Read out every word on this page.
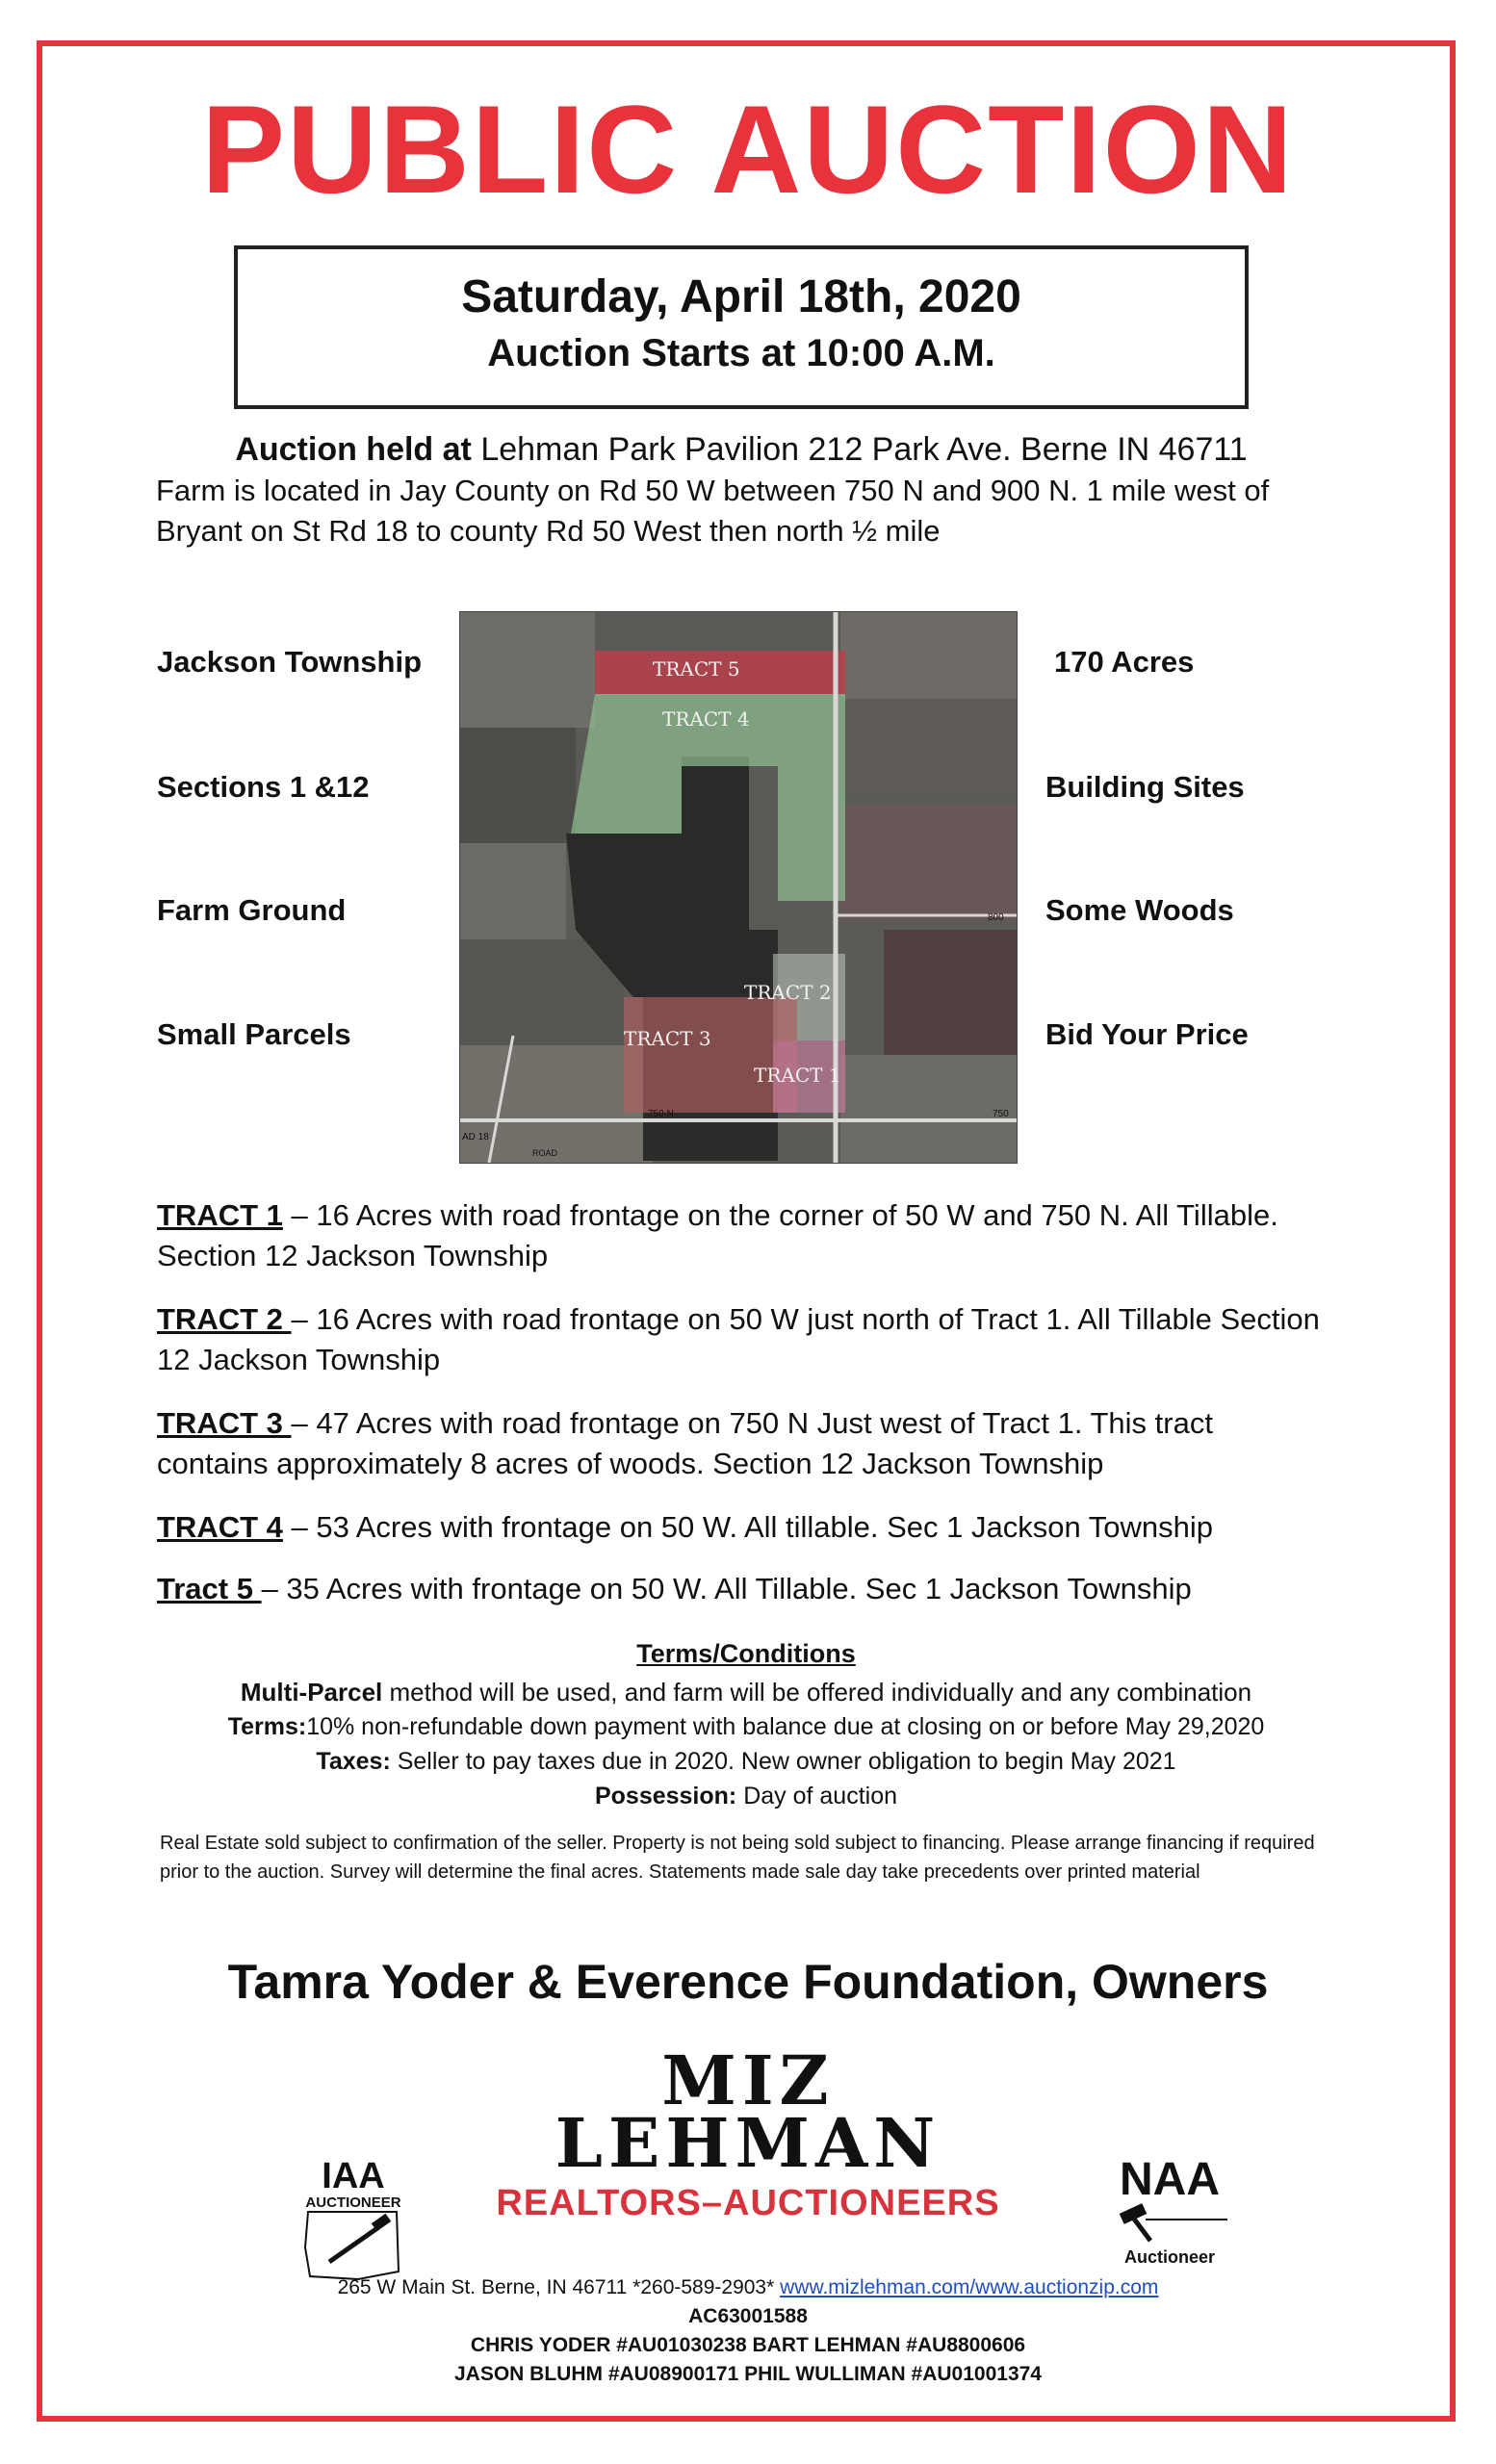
PUBLIC AUCTION
Saturday, April 18th, 2020
Auction Starts at 10:00 A.M.
Auction held at Lehman Park Pavilion 212 Park Ave. Berne IN 46711
Farm is located in Jay County on Rd 50 W between 750 N and 900 N. 1 mile west of Bryant on St Rd 18 to county Rd 50 West then north ½ mile
Jackson Township
Sections 1 &12
Farm Ground
Small Parcels
170 Acres
Building Sites
Some Woods
Bid Your Price
TRACT 5
TRACT 4
TRACT 2
TRACT 3
TRACT 1
800
750
750 N
AD 18
ROAD
TRACT 1 – 16 Acres with road frontage on the corner of 50 W and 750 N. All Tillable. Section 12 Jackson Township
TRACT 2 – 16 Acres with road frontage on 50 W just north of Tract 1. All Tillable Section 12 Jackson Township
TRACT 3 – 47 Acres with road frontage on 750 N Just west of Tract 1. This tract contains approximately 8 acres of woods. Section 12 Jackson Township
TRACT 4 – 53 Acres with frontage on 50 W. All tillable. Sec 1 Jackson Township
Tract 5 – 35 Acres with frontage on 50 W. All Tillable. Sec 1 Jackson Township
Terms/Conditions
Multi-Parcel method will be used, and farm will be offered individually and any combination
Terms:10% non-refundable down payment with balance due at closing on or before May 29,2020
Taxes: Seller to pay taxes due in 2020. New owner obligation to begin May 2021
Possession: Day of auction
Real Estate sold subject to confirmation of the seller. Property is not being sold subject to financing. Please arrange financing if required prior to the auction. Survey will determine the final acres. Statements made sale day take precedents over printed material
Tamra Yoder & Everence Foundation, Owners
MIZ
LEHMAN
REALTORS–AUCTIONEERS
IAA
AUCTIONEER	NAA
Auctioneer
265 W Main St. Berne, IN 46711 *260-589-2903* www.mizlehman.com/www.auctionzip.com
AC63001588
CHRIS YODER #AU01030238 BART LEHMAN #AU8800606
JASON BLUHM #AU08900171 PHIL WULLIMAN #AU01001374
